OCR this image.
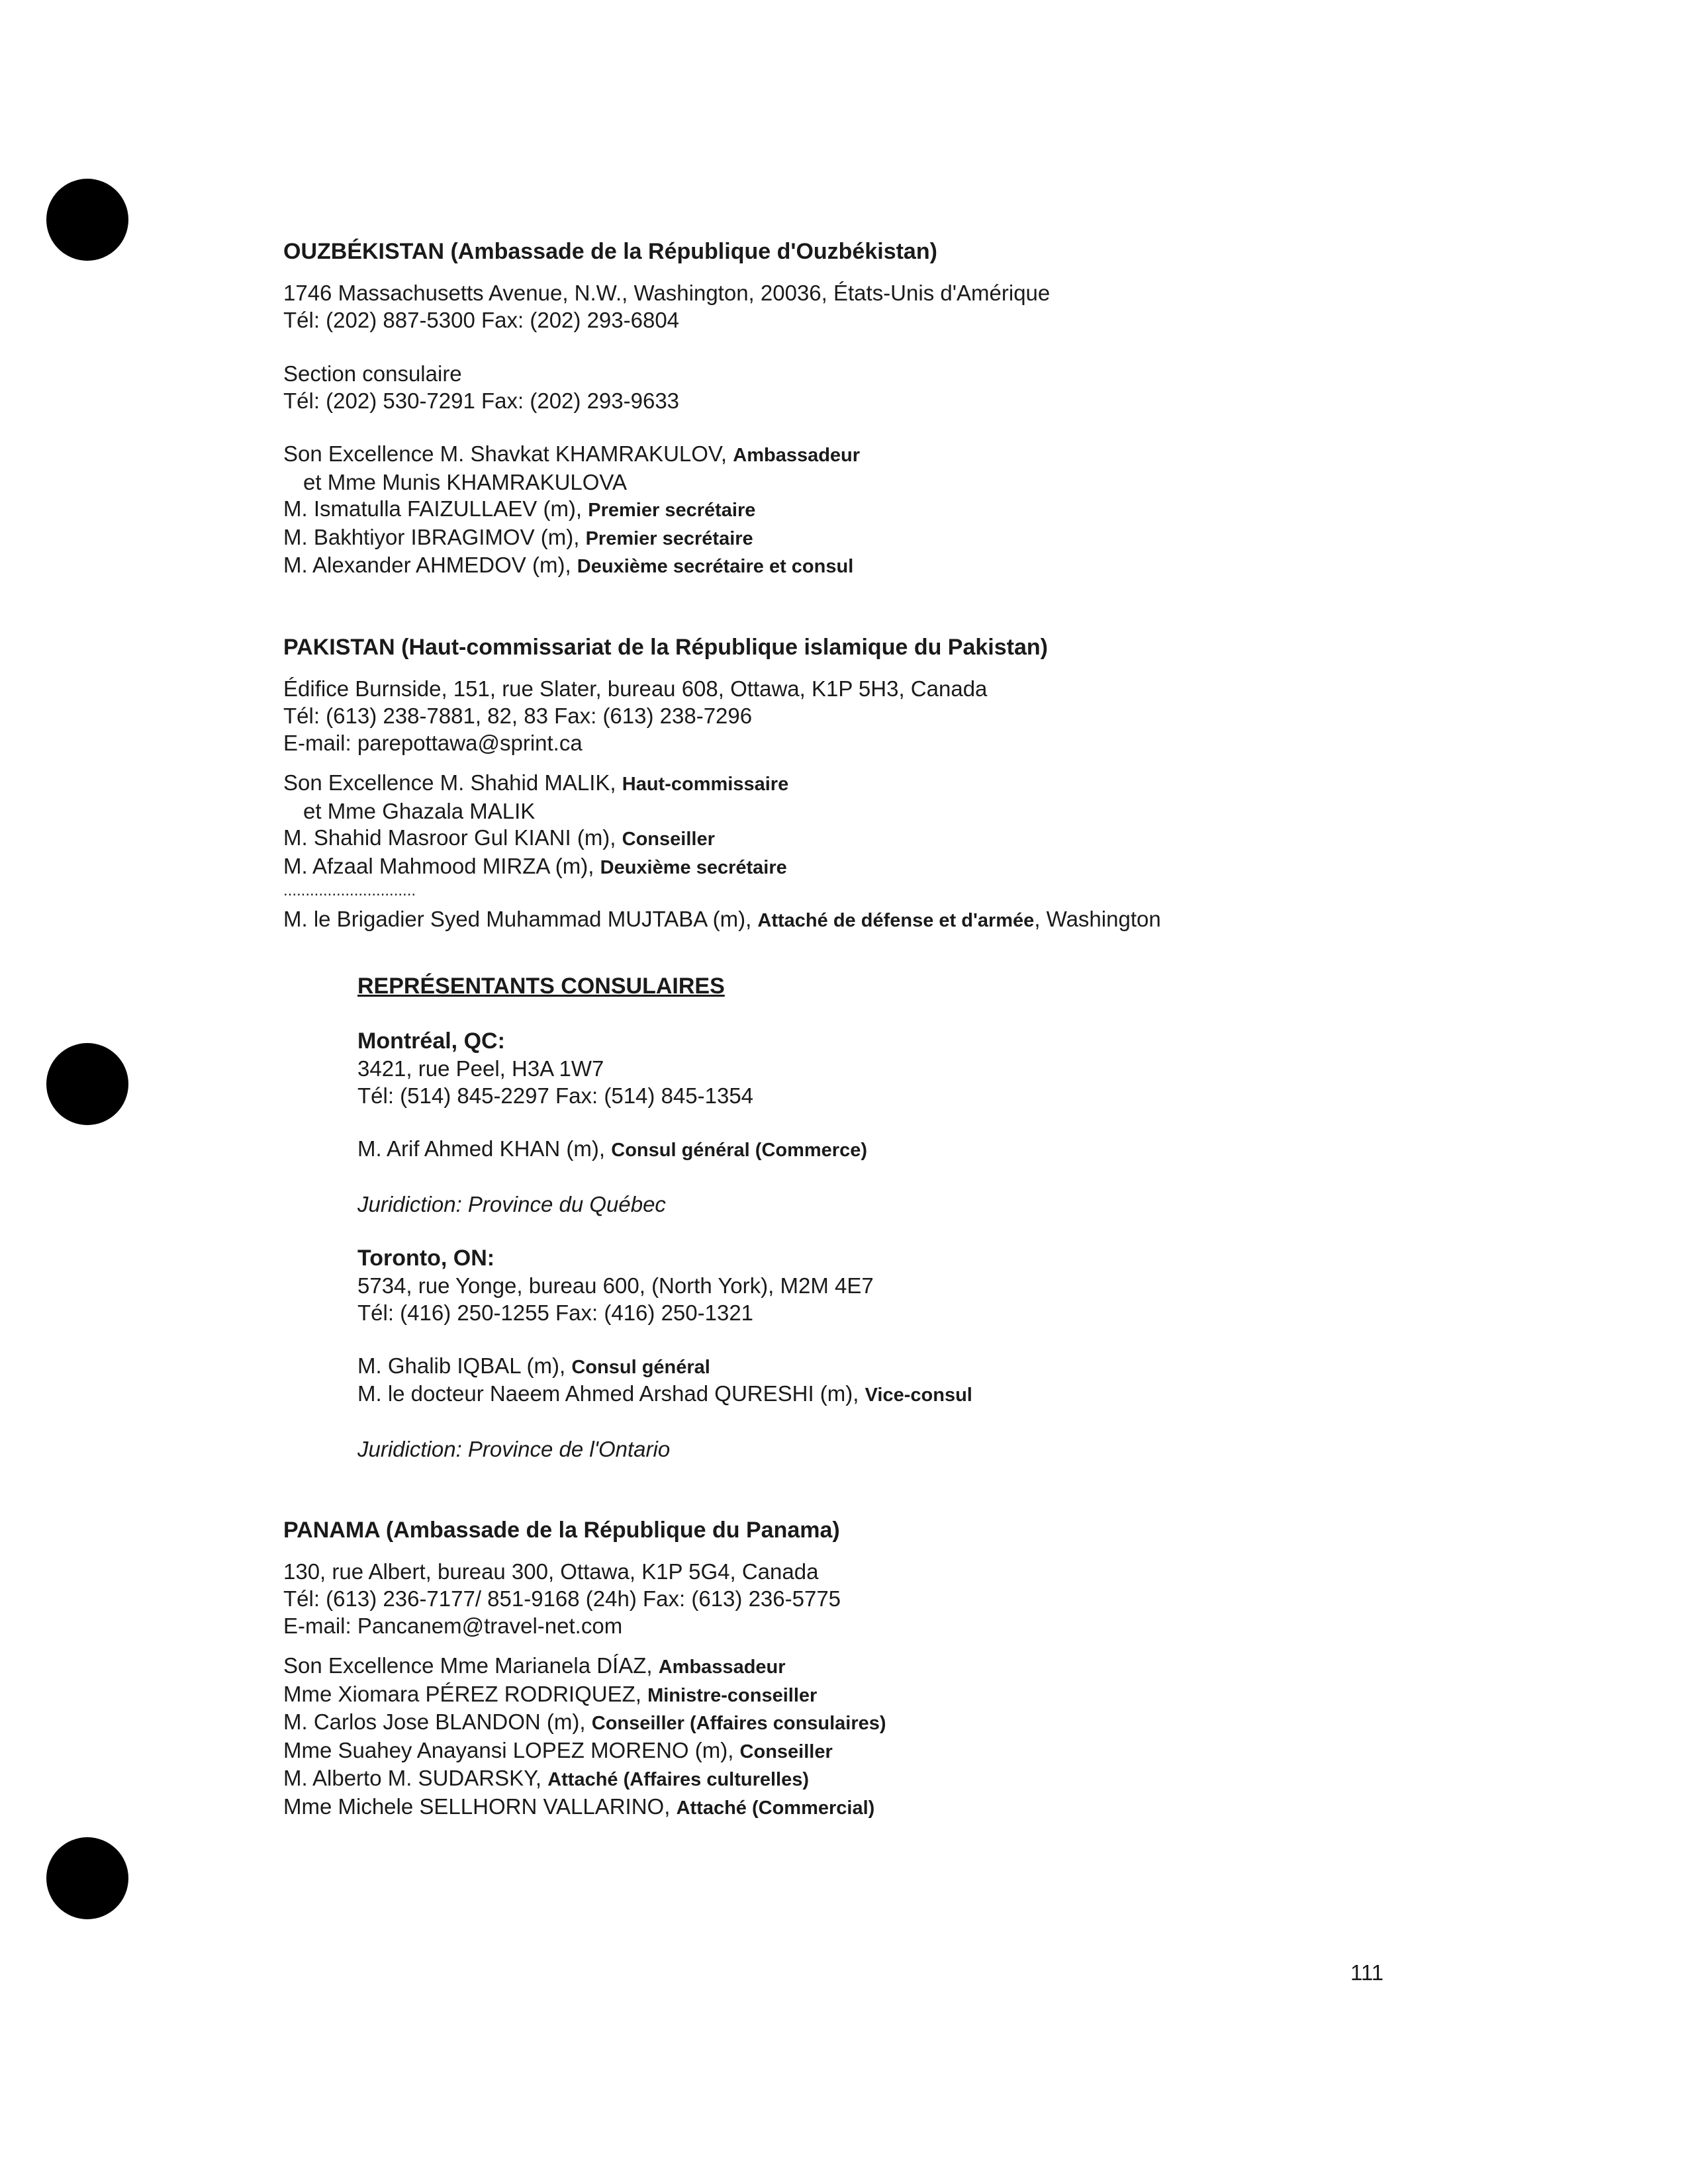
OUZBÉKISTAN (Ambassade de la République d'Ouzbékistan)
1746 Massachusetts Avenue, N.W., Washington, 20036, États-Unis d'Amérique
Tél: (202) 887-5300 Fax: (202) 293-6804
Section consulaire
Tél: (202) 530-7291 Fax: (202) 293-9633
Son Excellence M. Shavkat KHAMRAKULOV, Ambassadeur
et Mme Munis KHAMRAKULOVA
M. Ismatulla FAIZULLAEV (m), Premier secrétaire
M. Bakhtiyor IBRAGIMOV (m), Premier secrétaire
M. Alexander AHMEDOV (m), Deuxième secrétaire et consul
PAKISTAN (Haut-commissariat de la République islamique du Pakistan)
Édifice Burnside, 151, rue Slater, bureau 608, Ottawa, K1P 5H3, Canada
Tél: (613) 238-7881, 82, 83 Fax: (613) 238-7296
E-mail: parepottawa@sprint.ca
Son Excellence M. Shahid MALIK, Haut-commissaire
et Mme Ghazala MALIK
M. Shahid Masroor Gul KIANI (m), Conseiller
M. Afzaal Mahmood MIRZA (m), Deuxième secrétaire
..............................
M. le Brigadier Syed Muhammad MUJTABA (m), Attaché de défense et d'armée, Washington
REPRÉSENTANTS CONSULAIRES
Montréal, QC:
3421, rue Peel, H3A 1W7
Tél: (514) 845-2297 Fax: (514) 845-1354
M. Arif Ahmed KHAN (m), Consul général (Commerce)
Juridiction: Province du Québec
Toronto, ON:
5734, rue Yonge, bureau 600, (North York), M2M 4E7
Tél: (416) 250-1255 Fax: (416) 250-1321
M. Ghalib IQBAL (m), Consul général
M. le docteur Naeem Ahmed Arshad QURESHI (m), Vice-consul
Juridiction: Province de l'Ontario
PANAMA (Ambassade de la République du Panama)
130, rue Albert, bureau 300, Ottawa, K1P 5G4, Canada
Tél: (613) 236-7177/ 851-9168 (24h) Fax: (613) 236-5775
E-mail: Pancanem@travel-net.com
Son Excellence Mme Marianela DÍAZ, Ambassadeur
Mme Xiomara PÉREZ RODRIQUEZ, Ministre-conseiller
M. Carlos Jose BLANDON (m), Conseiller (Affaires consulaires)
Mme Suahey Anayansi LOPEZ MORENO (m), Conseiller
M. Alberto M. SUDARSKY, Attaché (Affaires culturelles)
Mme Michele SELLHORN VALLARINO, Attaché (Commercial)
111
